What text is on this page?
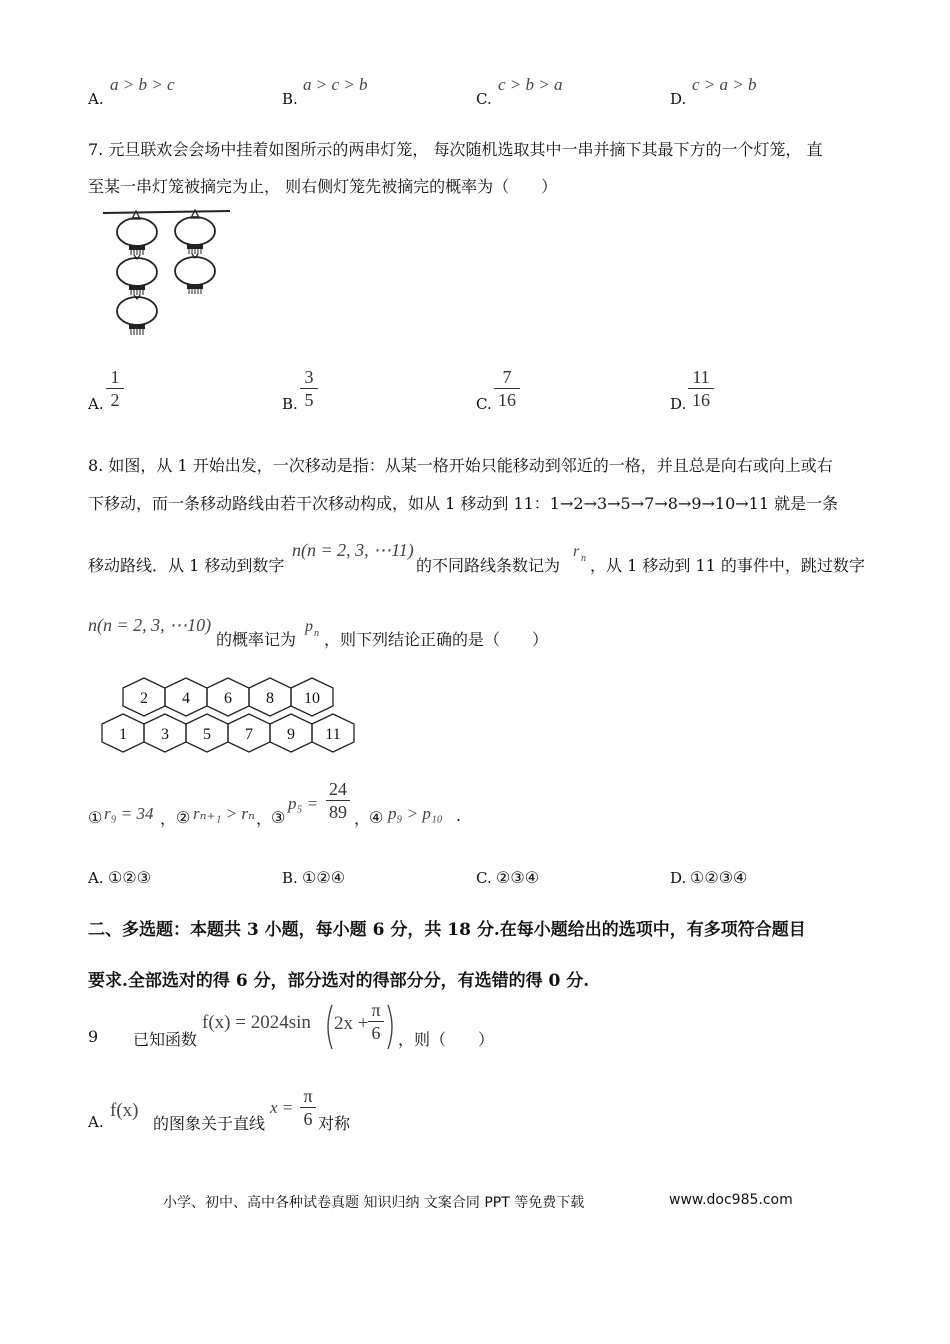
A.
a > b > c
B.
a > c > b
C.
c > b > a
D.
c > a > b
7. 元旦联欢会会场中挂着如图所示的两串灯笼， 每次随机选取其中一串并摘下其最下方的一个灯笼， 直
至某一串灯笼被摘完为止， 则右侧灯笼先被摘完的概率为（　　）
A.
1
2	B.
3
5	C.
7
16	D.
11
16
8. 如图，从 1 开始出发，一次移动是指：从某一格开始只能移动到邻近的一格，并且总是向右或向上或右
下移动，而一条移动路线由若干次移动构成，如从 1 移动到 11：1→2→3→5→7→8→9→10→11 就是一条
移动路线．从 1 移动到数字
n(n = 2, 3, ⋯11)
的不同路线条数记为
r n ，从 1 移动到 11 的事件中，跳过数字
n(n = 2, 3, ⋯10)
的概率记为
p n ，则下列结论正确的是（　　）
1 3 5 7 9 11
2 4 6 8 10
① r₉ = 34 ， ② rₙ₊₁ > rₙ ，
③
p₅ =
24
89 ，
④ p₉ > p₁₀ .
A. ①②③	B. ①②④	C. ②③④	D. ①②③④
二、多选题：本题共 3 小题，每小题 6 分，共 18 分.在每小题给出的选项中，有多项符合题目
要求.全部选对的得 6 分，部分选对的得部分分，有选错的得 0 分.
9 已知函数
f(x) = 2024sin 2x +
π
6 ，则（　　）
A.
f(x)
的图象关于直线
x =
π
6 对称
小学、初中、高中各种试卷真题 知识归纳 文案合同 PPT 等免费下载	www.doc985.com
